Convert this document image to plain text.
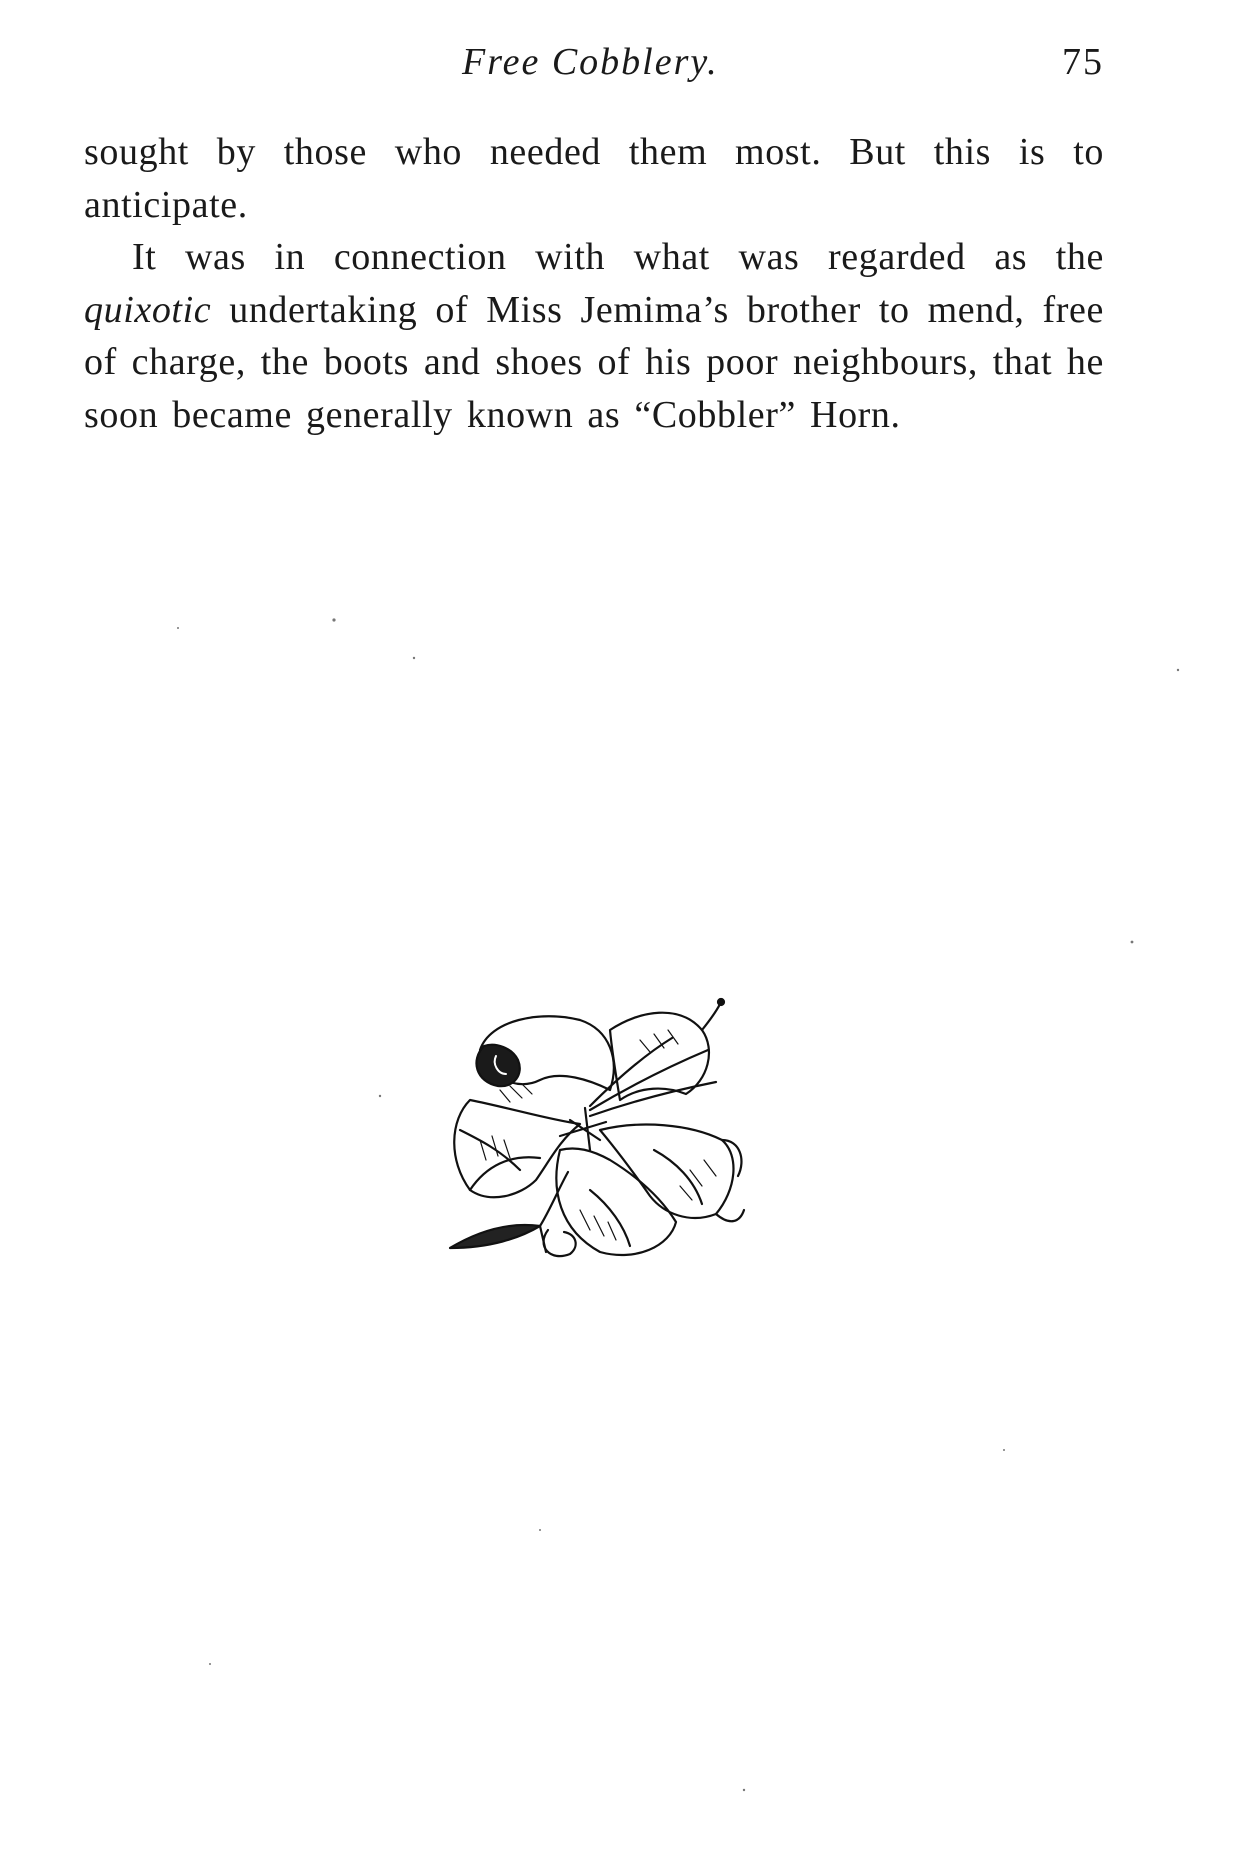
Free Cobblery.	75

sought by those who needed them most. But this is to anticipate.

It was in connection with what was regarded as the quixotic undertaking of Miss Jemima’s brother to mend, free of charge, the boots and shoes of his poor neighbours, that he soon became generally known as “Cobbler” Horn.
